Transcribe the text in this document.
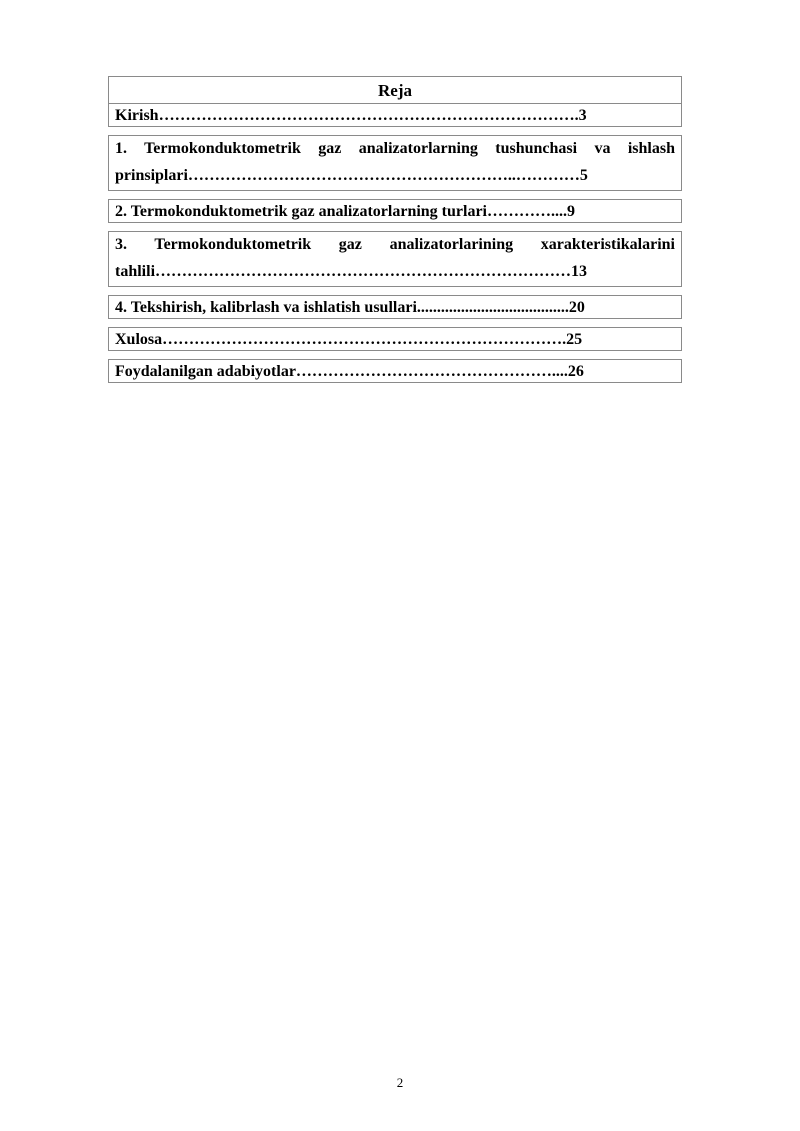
Reja
Kirish…………………………………………………………………….3
1. Termokonduktometrik gaz analizatorlarning tushunchasi va ishlash
prinsiplari……………………………………………………..…………5
2. Termokonduktometrik gaz analizatorlarning turlari…………....9
3. Termokonduktometrik gaz analizatorlarining xarakteristikalarini
tahlili……………………………………………………………………13
4. Tekshirish, kalibrlash va ishlatish usullari......................................20
Xulosa………………………………………………………………….25
Foydalanilgan adabiyotlar…………………………………………....26
2
